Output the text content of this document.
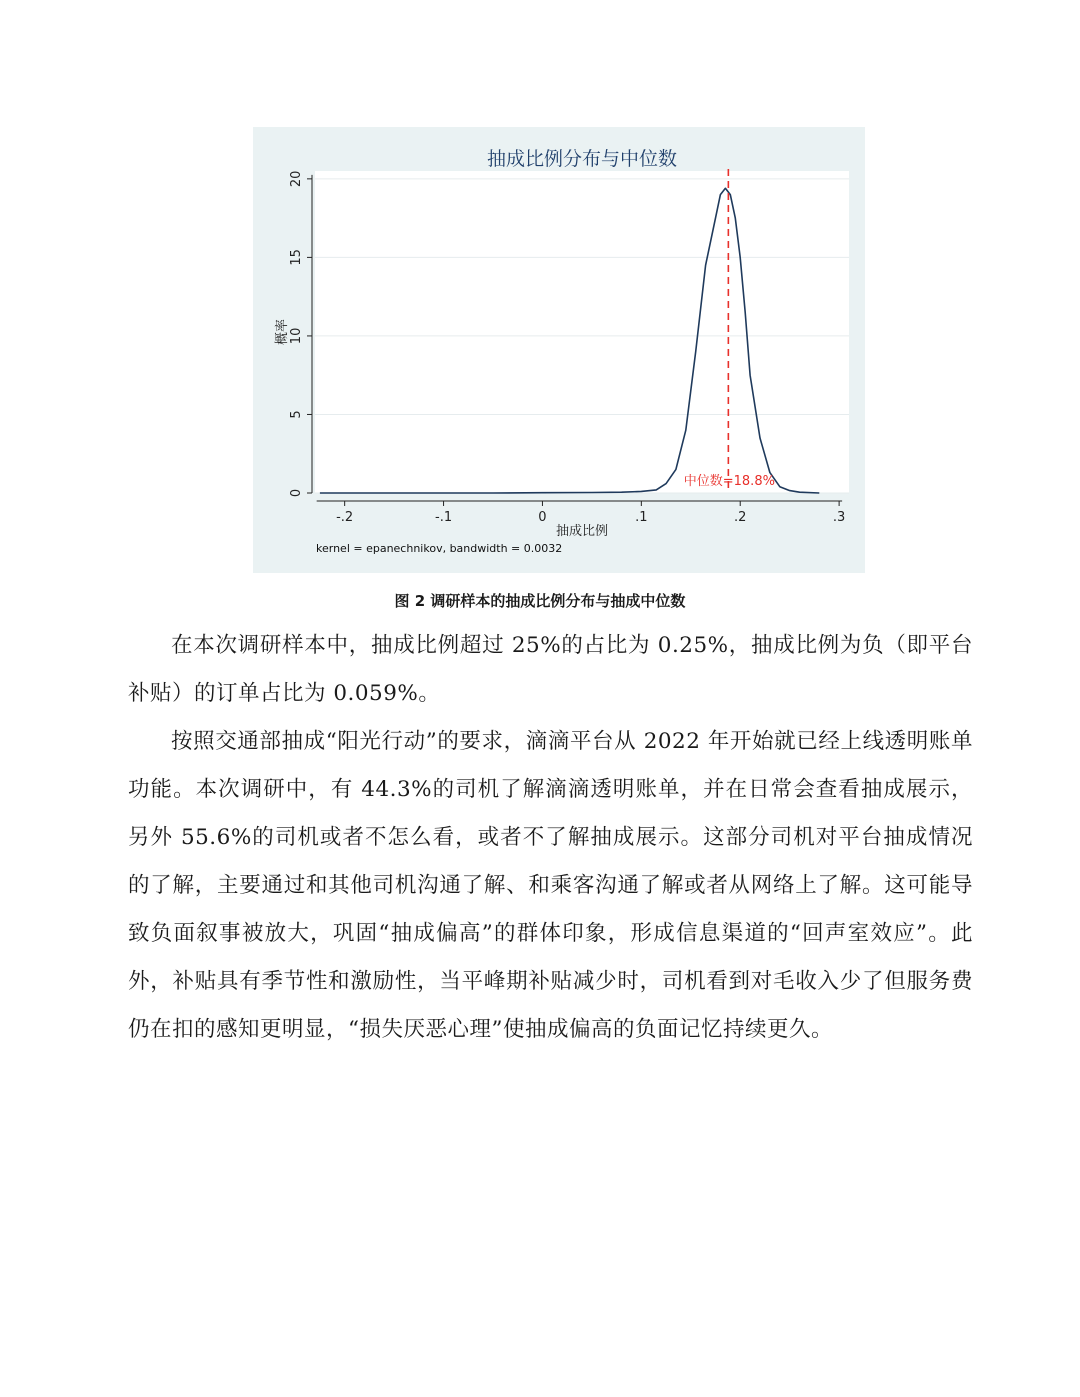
中位数=18.8%
-.2	-.1	0	.1	.2	.3
0
5
10
15
20
抽成比例分布与中位数
抽成比例
概率
kernel = epanechnikov, bandwidth = 0.0032
图 2 调研样本的抽成比例分布与抽成中位数

在本次调研样本中，抽成比例超过 25%的占比为 0.25%，抽成比例为负（即平台补贴）的订单占比为 0.059%。

按照交通部抽成“阳光行动”的要求，滴滴平台从 2022 年开始就已经上线透明账单功能。本次调研中，有 44.3%的司机了解滴滴透明账单，并在日常会查看抽成展示，另外 55.6%的司机或者不怎么看，或者不了解抽成展示。这部分司机对平台抽成情况的了解，主要通过和其他司机沟通了解、和乘客沟通了解或者从网络上了解。这可能导致负面叙事被放大，巩固“抽成偏高”的群体印象，形成信息渠道的“回声室效应”。此外，补贴具有季节性和激励性，当平峰期补贴减少时，司机看到对毛收入少了但服务费仍在扣的感知更明显，“损失厌恶心理”使抽成偏高的负面记忆持续更久。
